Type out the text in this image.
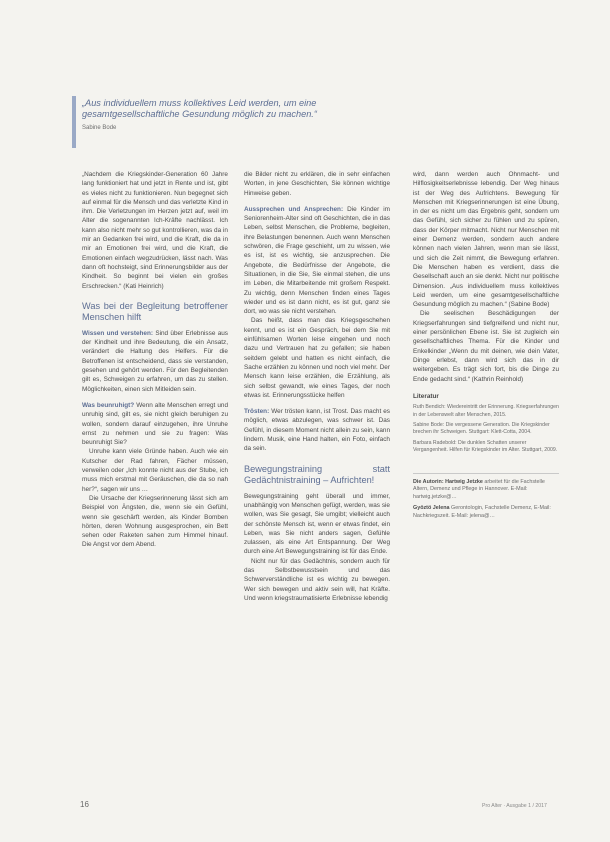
„Aus individuellem muss kollektives Leid werden, um eine gesamtgesellschaftliche Gesundung möglich zu machen.“
Sabine Bode

„Nachdem die Kriegskinder-Generation 60 Jahre lang funktioniert hat und jetzt in Rente und ist, gibt es vieles nicht zu funktionieren. Nun begegnet sich auf einmal für die Mensch und das verletzte Kind in ihm. Die Verletzungen im Herzen jetzt auf, weil im Alter die sogenannten Ich-Kräfte nachlässt. Ich kann also nicht mehr so gut kontrollieren, was da in mir an Gedanken frei wird, und die Kraft, die da in mir an Emotionen frei wird, und die Kraft, die Emotionen einfach wegzudrücken, lässt nach. Was dann oft hochsteigt, sind Erinnerungsbilder aus der Kindheit. So beginnt bei vielen ein großes Erschrecken.“ (Kati Heinrich)

Was bei der Begleitung betroffener Menschen hilft

Wissen und verstehen: Sind über Erlebnisse aus der Kindheit und ihre Bedeutung, die ein Ansatz, verändert die Haltung des Helfers. Für die Betroffenen ist entscheidend, dass sie verstanden, gesehen und gehört werden. Für den Begleitenden gilt es, Schweigen zu erfahren, um das zu stellen. Möglichkeiten, einen sich Mitleiden sein.

Was beunruhigt? Wenn alte Menschen erregt und unruhig sind, gilt es, sie nicht gleich beruhigen zu wollen, sondern darauf einzugehen, ihre Unruhe ernst zu nehmen und sie zu fragen: Was beunruhigt Sie?

Unruhe kann viele Gründe haben. Auch wie ein Kutscher der Rad fahren, Fächer müssen, verweilen oder „Ich konnte nicht aus der Stube, ich muss mich erstmal mit Geräuschen, die da so nah her?“, sagen wir uns …

Die Ursache der Kriegserinnerung lässt sich am Beispiel von Ängsten, die, wenn sie ein Gefühl, wenn sie geschärft werden, als Kinder Bomben hörten, deren Wohnung ausgesprochen, ein Bett sehen oder Raketen sahen zum Himmel hinauf. Die Angst vor dem Abend.

die Bilder nicht zu erklären, die in sehr einfachen Worten, in jene Geschichten, Sie können wichtige Hinweise geben.

Aussprechen und Ansprechen: Die Kinder im Seniorenheim-Alter sind oft Geschichten, die in das Leben, selbst Menschen, die Probleme, begleiten, ihre Belastungen benennen. Auch wenn Menschen schwören, die Frage geschieht, um zu wissen, wie es ist, ist es wichtig, sie anzusprechen. Die Angebote, die Bedürfnisse der Angebote, die Situationen, in die Sie, Sie einmal stehen, die uns im Leben, die Mitarbeitende mit großem Respekt. Zu wichtig, denn Menschen finden eines Tages wieder und es ist dann nicht, es ist gut, ganz sie dort, wo was sie nicht verstehen.

Das heißt, dass man das Kriegsgeschehen kennt, und es ist ein Gespräch, bei dem Sie mit einfühlsamen Worten leise eingehen und noch dazu und Vertrauen hat zu gefallen; sie haben seitdem gelebt und hatten es nicht einfach, die Sache erzählen zu können und noch viel mehr. Der Mensch kann leise erzählen, die Erzählung, als sich selbst gewandt, wie eines Tages, der noch etwas ist. Erinnerungsstücke helfen

Trösten: Wer trösten kann, ist Trost. Das macht es möglich, etwas abzulegen, was schwer ist. Das Gefühl, in diesem Moment nicht allein zu sein, kann lindern. Musik, eine Hand halten, ein Foto, einfach da sein.

Bewegungstraining statt Gedächtnistraining – Aufrichten!

Bewegungstraining geht überall und immer, unabhängig von Menschen gefügt, werden, was sie wollen, was Sie gesagt, Sie umgibt; vielleicht auch der schönste Mensch ist, wenn er etwas findet, ein Leben, was Sie nicht anders sagen, Gefühle zulassen, als eine Art Entspannung. Der Weg durch eine Art Bewegungstraining ist für das Ende.

Nicht nur für das Gedächtnis, sondern auch für das Selbstbewusstsein und das Schwerverständliche ist es wichtig zu bewegen. Wer sich bewegen und aktiv sein will, hat Kräfte. Und wenn kriegstraumatisierte Erlebnisse lebendig

wird, dann werden auch Ohnmacht- und Hilflosigkeitserlebnisse lebendig. Der Weg hinaus ist der Weg des Aufrichtens. Bewegung für Menschen mit Kriegserinnerungen ist eine Übung, in der es nicht um das Ergebnis geht, sondern um das Gefühl, sich sicher zu fühlen und zu spüren, dass der Körper mitmacht. Nicht nur Menschen mit einer Demenz werden, sondern auch andere können nach vielen Jahren, wenn man sie lässt, und sich die Zeit nimmt, die Bewegung erfahren. Die Menschen haben es verdient, dass die Gesellschaft auch an sie denkt. Nicht nur politische Dimension. „Aus individuellem muss kollektives Leid werden, um eine gesamtgesellschaftliche Gesundung möglich zu machen.“ (Sabine Bode)

Die seelischen Beschädigungen der Kriegserfahrungen sind tiefgreifend und nicht nur, einer persönlichen Ebene ist. Sie ist zugleich ein gesellschaftliches Thema. Für die Kinder und Enkelkinder „Wenn du mit deinen, wie dein Vater, Dinge erlebst, dann wird sich das in dir weitergeben. Es trägt sich fort, bis die Dinge zu Ende gedacht sind.“ (Kathrin Reinhold)

Literatur

Ruth Bendich: Wiedereintritt der Erinnerung. Kriegserfahrungen in der Lebenswelt alter Menschen, 2015.

Sabine Bode: Die vergessene Generation. Die Kriegskinder brechen ihr Schweigen. Stuttgart: Klett-Cotta, 2004.

Barbara Radebold: Die dunklen Schatten unserer Vergangenheit. Hilfen für Kriegskinder im Alter. Stuttgart, 2009.

Die Autorin: Hartwig Jetzke arbeitet für die Fachstelle Altern, Demenz und Pflege in Hannover. E-Mail: hartwig.jetzke@…

Gyöztö Jelena Gerontologin, Fachstelle Demenz, E-Mail: Nachkriegszeit. E-Mail: jelena@…

16	Pro Alter · Ausgabe 1 / 2017
